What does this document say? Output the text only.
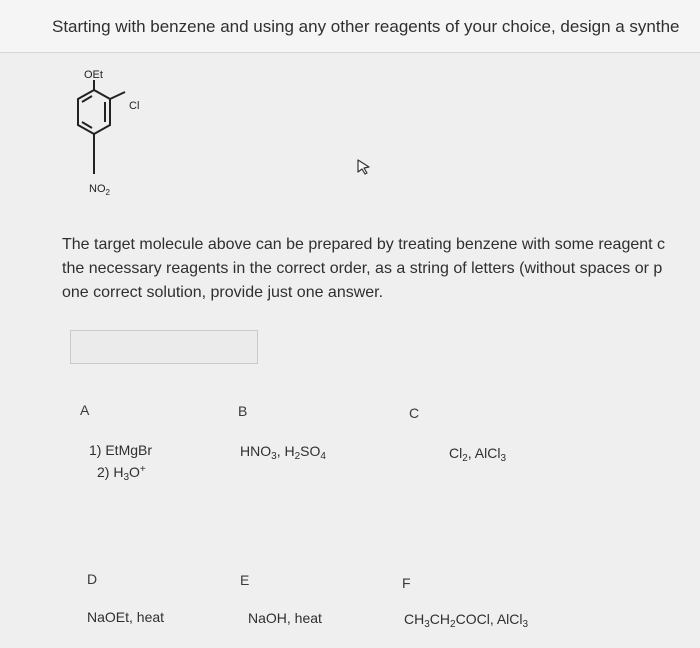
Starting with benzene and using any other reagents of your choice, design a synthe
OEt
Cl
$NO_2$
The target molecule above can be prepared by treating benzene with some reagent c
the necessary reagents in the correct order, as a string of letters (without spaces or p
one correct solution, provide just one answer.
A
1) EtMgBr
2) $H_3O^+$
B
$HNO_3$, $H_2SO_4$
C
$Cl_2$, AlCl$_3$
D
NaOEt, heat
E
NaOH, heat
F
$CH_3CH_2COCl$, AlCl$_3$
